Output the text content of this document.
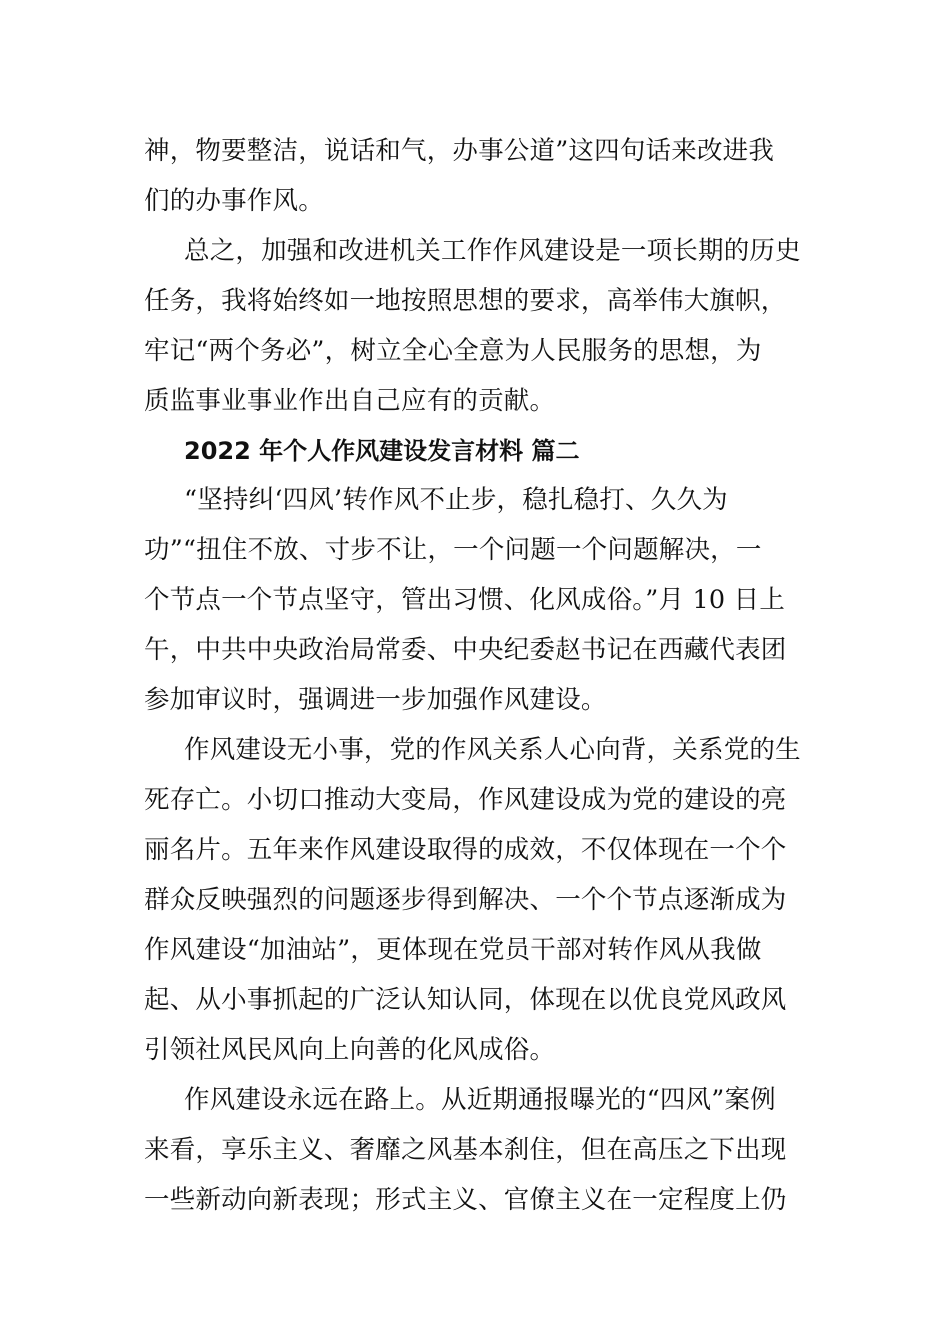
神，物要整洁，说话和气，办事公道”这四句话来改进我
们的办事作风。
总之，加强和改进机关工作作风建设是一项长期的历史
任务，我将始终如一地按照思想的要求，高举伟大旗帜，
牢记“两个务必”，树立全心全意为人民服务的思想，为
质监事业事业作出自己应有的贡献。
2022 年个人作风建设发言材料 篇二
“坚持纠‘四风’转作风不止步，稳扎稳打、久久为
功”“扭住不放、寸步不让，一个问题一个问题解决，一
个节点一个节点坚守，管出习惯、化风成俗。”月 10 日上
午，中共中央政治局常委、中央纪委赵书记在西藏代表团
参加审议时，强调进一步加强作风建设。
作风建设无小事，党的作风关系人心向背，关系党的生
死存亡。小切口推动大变局，作风建设成为党的建设的亮
丽名片。五年来作风建设取得的成效，不仅体现在一个个
群众反映强烈的问题逐步得到解决、一个个节点逐渐成为
作风建设“加油站”，更体现在党员干部对转作风从我做
起、从小事抓起的广泛认知认同，体现在以优良党风政风
引领社风民风向上向善的化风成俗。
作风建设永远在路上。从近期通报曝光的“四风”案例
来看，享乐主义、奢靡之风基本刹住，但在高压之下出现
一些新动向新表现；形式主义、官僚主义在一定程度上仍
